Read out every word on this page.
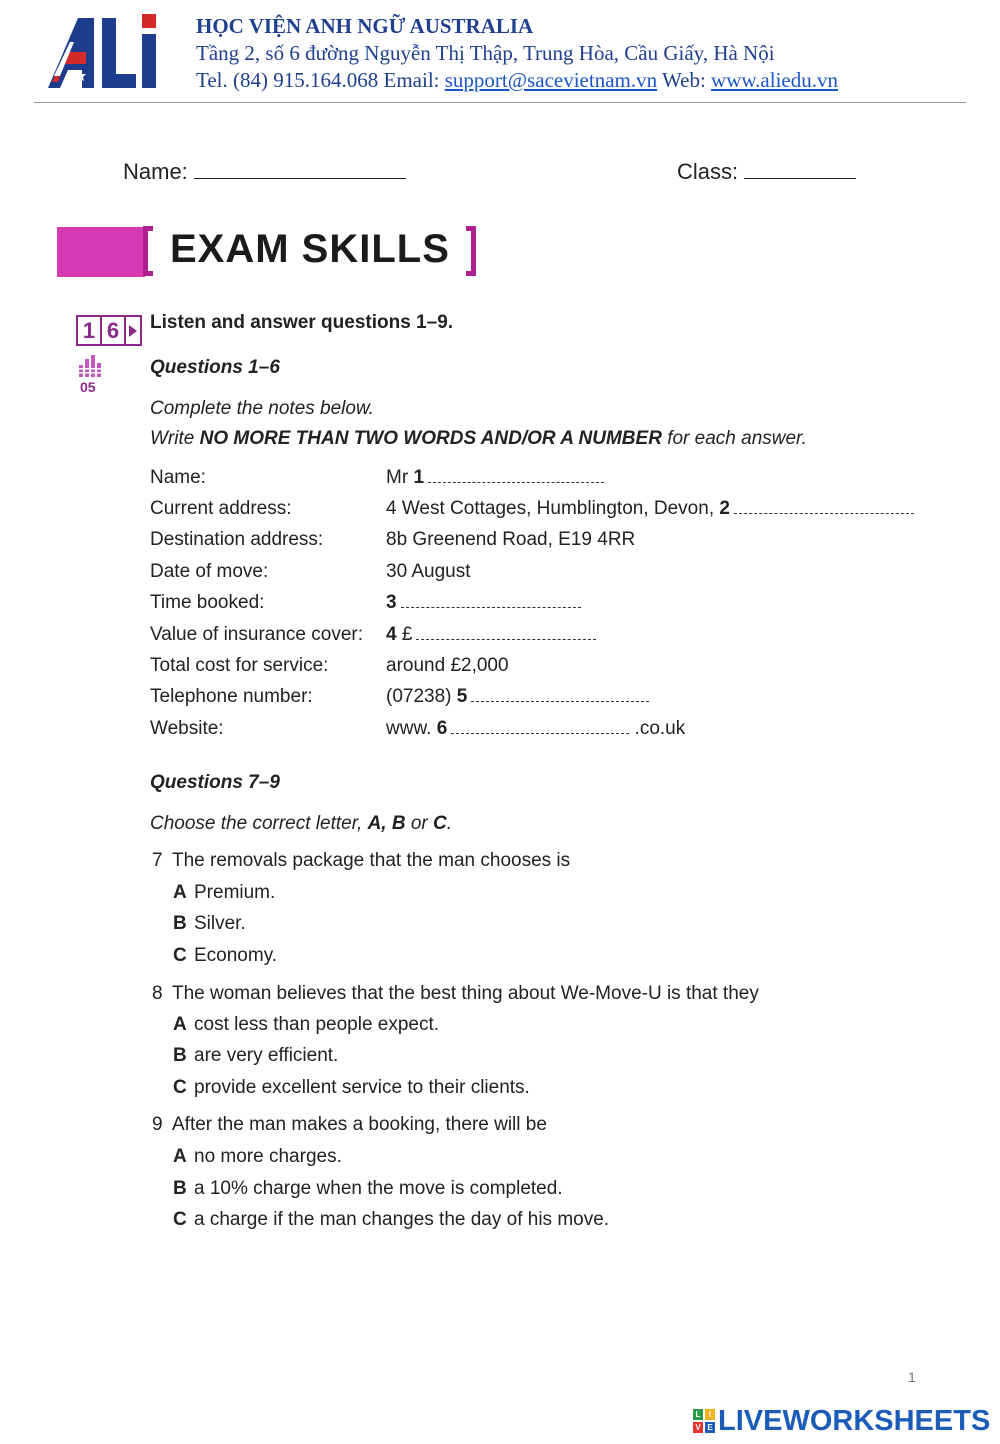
HỌC VIỆN ANH NGỮ AUSTRALIA
Tầng 2, số 6 đường Nguyễn Thị Thập, Trung Hòa, Cầu Giấy, Hà Nội
Tel. (84) 915.164.068 Email: support@sacevietnam.vn Web: www.aliedu.vn
Name:	Class:
EXAM SKILLS
1 6
05
Listen and answer questions 1–9.
Questions 1–6
Complete the notes below.
Write NO MORE THAN TWO WORDS AND/OR A NUMBER for each answer.
Name:	Mr 1
Current address:	4 West Cottages, Humblington, Devon, 2
Destination address:	8b Greenend Road, E19 4RR
Date of move:	30 August
Time booked:	3
Value of insurance cover: 4 £
Total cost for service:	around £2,000
Telephone number:	(07238) 5
Website:	www. 6	.co.uk
Questions 7–9
Choose the correct letter, A, B or C.
7 The removals package that the man chooses is
A Premium.
B Silver.
C Economy.
8 The woman believes that the best thing about We-Move-U is that they
A cost less than people expect.
B are very efficient.
C provide excellent service to their clients.
9 After the man makes a booking, there will be
A no more charges.
B a 10% charge when the move is completed.
C a charge if the man changes the day of his move.
1
L	I
V E LIVEWORKSHEETS
